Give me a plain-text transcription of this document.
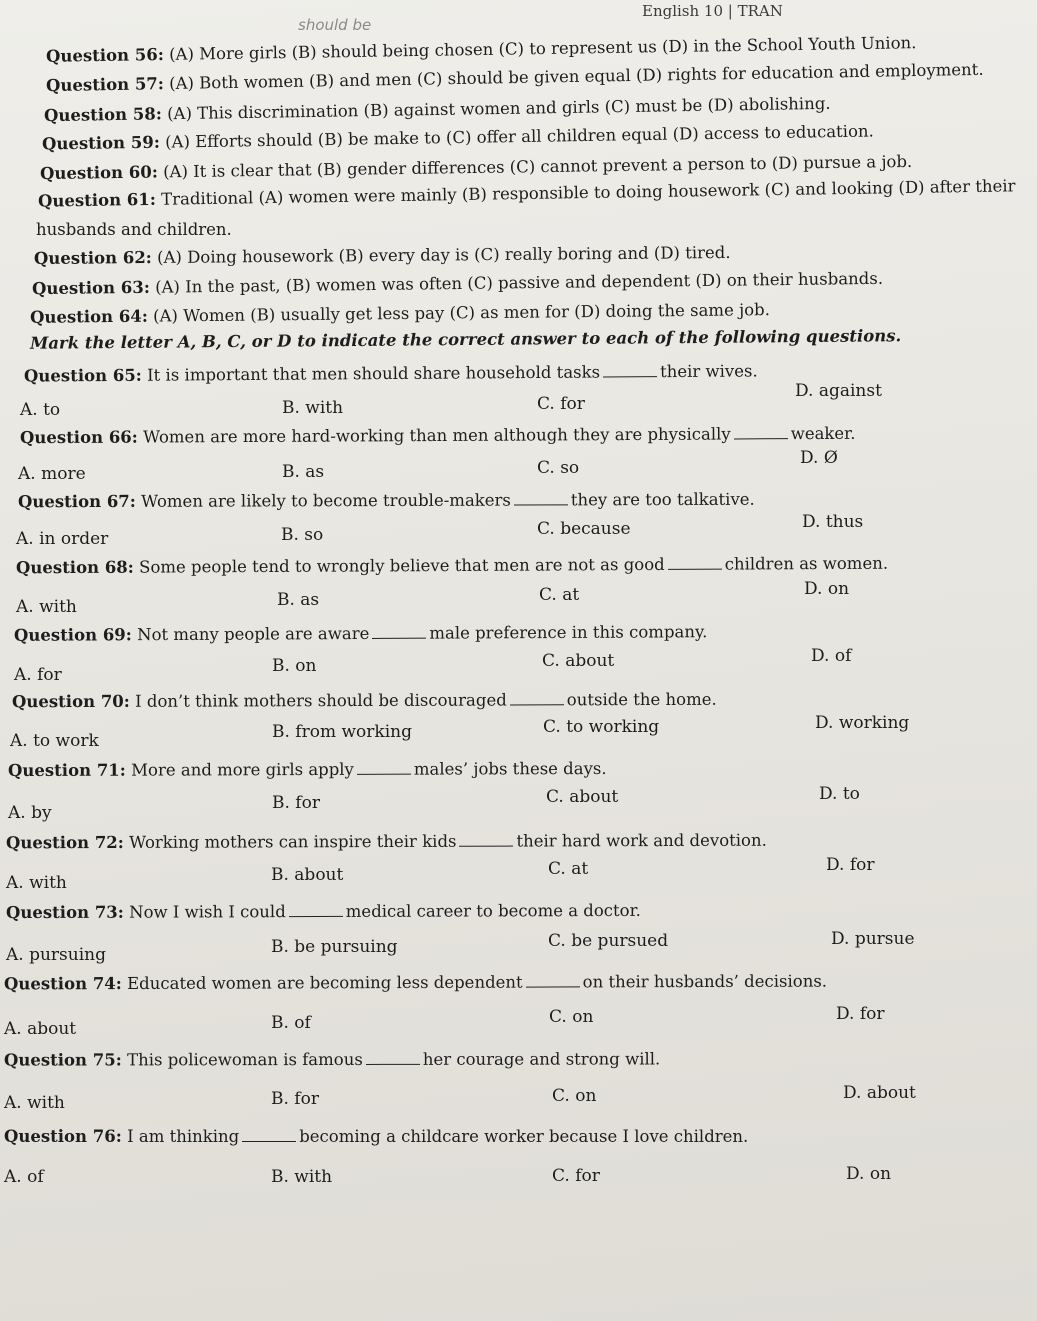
English 10 | TRAN
should be
Question 56: (A) More girls (B) should being chosen (C) to represent us (D) in the School Youth Union.
Question 57: (A) Both women (B) and men (C) should be given equal (D) rights for education and employment.
Question 58: (A) This discrimination (B) against women and girls (C) must be (D) abolishing.
Question 59: (A) Efforts should (B) be make to (C) offer all children equal (D) access to education.
Question 60: (A) It is clear that (B) gender differences (C) cannot prevent a person to (D) pursue a job.
Question 61: Traditional (A) women were mainly (B) responsible to doing housework (C) and looking (D) after their
husbands and children.
Question 62: (A) Doing housework (B) every day is (C) really boring and (D) tired.
Question 63: (A) In the past, (B) women was often (C) passive and dependent (D) on their husbands.
Question 64: (A) Women (B) usually get less pay (C) as men for (D) doing the same job.
Mark the letter A, B, C, or D to indicate the correct answer to each of the following questions.
Question 65: It is important that men should share household tasks	their wives.
A. to	B. with	C. for
D. against
Question 66: Women are more hard-working than men although they are physically	weaker.
A. more	B. as	C. so	D. Ø
Question 67: Women are likely to become trouble-makers	they are too talkative.
A. in order	B. so	C. because	D. thus
Question 68: Some people tend to wrongly believe that men are not as good	children as women.
A. with	B. as	C. at	D. on
Question 69: Not many people are aware	male preference in this company.
A. for	B. on	C. about	D. of
Question 70: I don’t think mothers should be discouraged	outside the home.
A. to work	B. from working	C. to working	D. working
Question 71: More and more girls apply	males’ jobs these days.
A. by	B. for	C. about	D. to
Question 72: Working mothers can inspire their kids	their hard work and devotion.
A. with	B. about	C. at	D. for
Question 73: Now I wish I could	medical career to become a doctor.
A. pursuing	B. be pursuing	C. be pursued	D. pursue
Question 74: Educated women are becoming less dependent	on their husbands’ decisions.
A. about	B. of	C. on	D. for
Question 75: This policewoman is famous	her courage and strong will.
A. with	B. for	C. on	D. about
Question 76: I am thinking	becoming a childcare worker because I love children.
A. of	B. with	C. for	D. on
